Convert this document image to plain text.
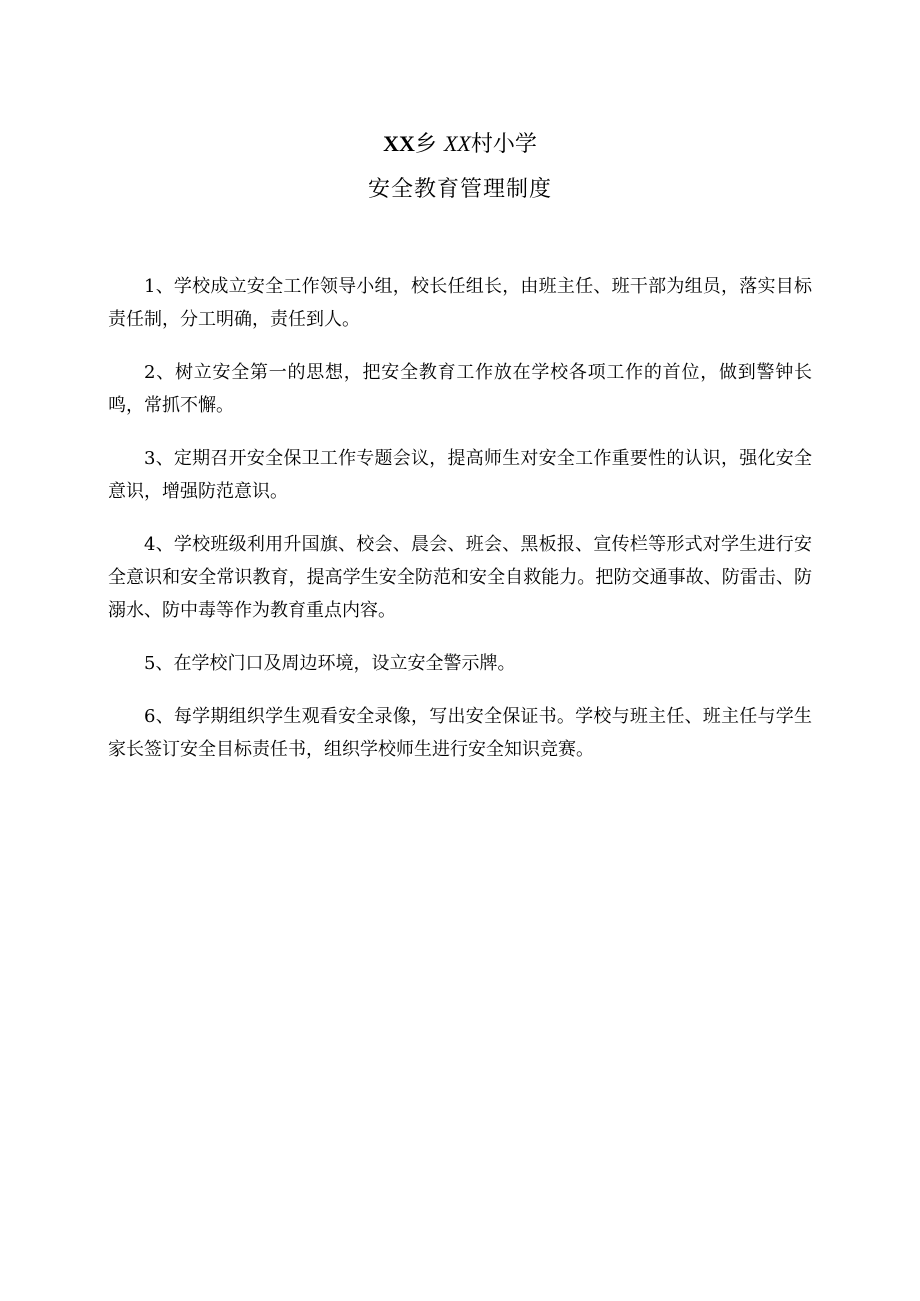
XX乡 XX村小学
安全教育管理制度

1、学校成立安全工作领导小组，校长任组长，由班主任、班干部为组员，落实目标责任制，分工明确，责任到人。

2、树立安全第一的思想，把安全教育工作放在学校各项工作的首位，做到警钟长鸣，常抓不懈。

3、定期召开安全保卫工作专题会议，提高师生对安全工作重要性的认识，强化安全意识，增强防范意识。

4、学校班级利用升国旗、校会、晨会、班会、黑板报、宣传栏等形式对学生进行安全意识和安全常识教育，提高学生安全防范和安全自救能力。把防交通事故、防雷击、防溺水、防中毒等作为教育重点内容。

5、在学校门口及周边环境，设立安全警示牌。

6、每学期组织学生观看安全录像，写出安全保证书。学校与班主任、班主任与学生家长签订安全目标责任书，组织学校师生进行安全知识竞赛。
